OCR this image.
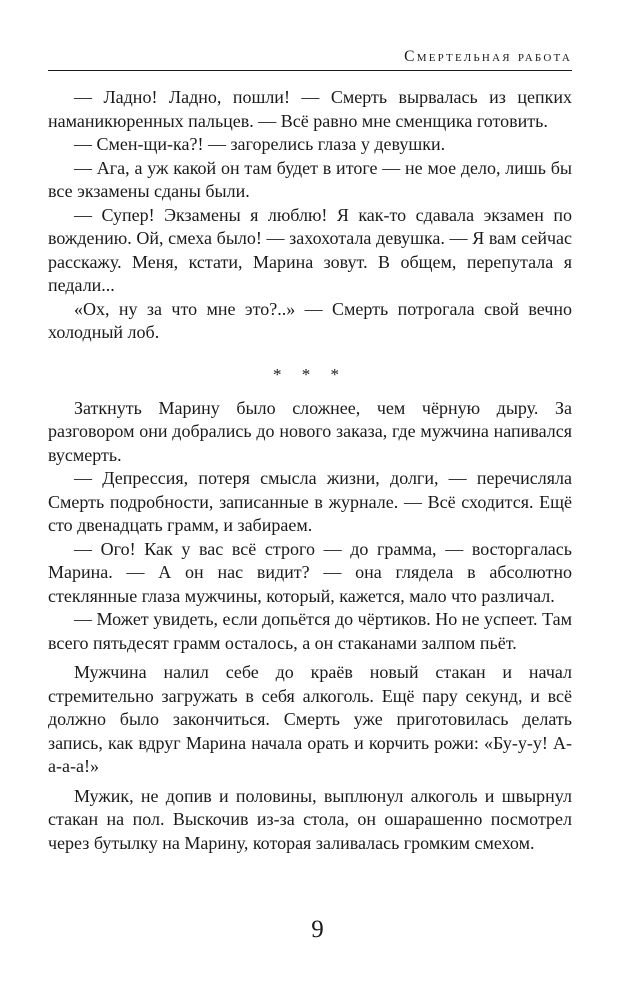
Смертельная работа

— Ладно! Ладно, пошли! — Смерть вырвалась из цепких наманикюренных пальцев. — Всё равно мне сменщика готовить.

— Смен-щи-ка?! — загорелись глаза у девушки.

— Ага, а уж какой он там будет в итоге — не мое дело, лишь бы все экзамены сданы были.

— Супер! Экзамены я люблю! Я как-то сдавала экзамен по вождению. Ой, смеха было! — захохотала девушка. — Я вам сейчас расскажу. Меня, кстати, Марина зовут. В общем, перепутала я педали...

«Ох, ну за что мне это?..» — Смерть потрогала свой вечно холодный лоб.

* * *

Заткнуть Марину было сложнее, чем чёрную дыру. За разговором они добрались до нового заказа, где мужчина напивался вусмерть.

— Депрессия, потеря смысла жизни, долги, — перечисляла Смерть подробности, записанные в журнале. — Всё сходится. Ещё сто двенадцать грамм, и забираем.

— Ого! Как у вас всё строго — до грамма, — восторгалась Марина. — А он нас видит? — она глядела в абсолютно стеклянные глаза мужчины, который, кажется, мало что различал.

— Может увидеть, если допьётся до чёртиков. Но не успеет. Там всего пятьдесят грамм осталось, а он стаканами залпом пьёт.

Мужчина налил себе до краёв новый стакан и начал стремительно загружать в себя алкоголь. Ещё пару секунд, и всё должно было закончиться. Смерть уже приготовилась делать запись, как вдруг Марина начала орать и корчить рожи: «Бу-у-у! А-а-а-а!»

Мужик, не допив и половины, выплюнул алкоголь и швырнул стакан на пол. Выскочив из-за стола, он ошарашенно посмотрел через бутылку на Марину, которая заливалась громким смехом.

9
